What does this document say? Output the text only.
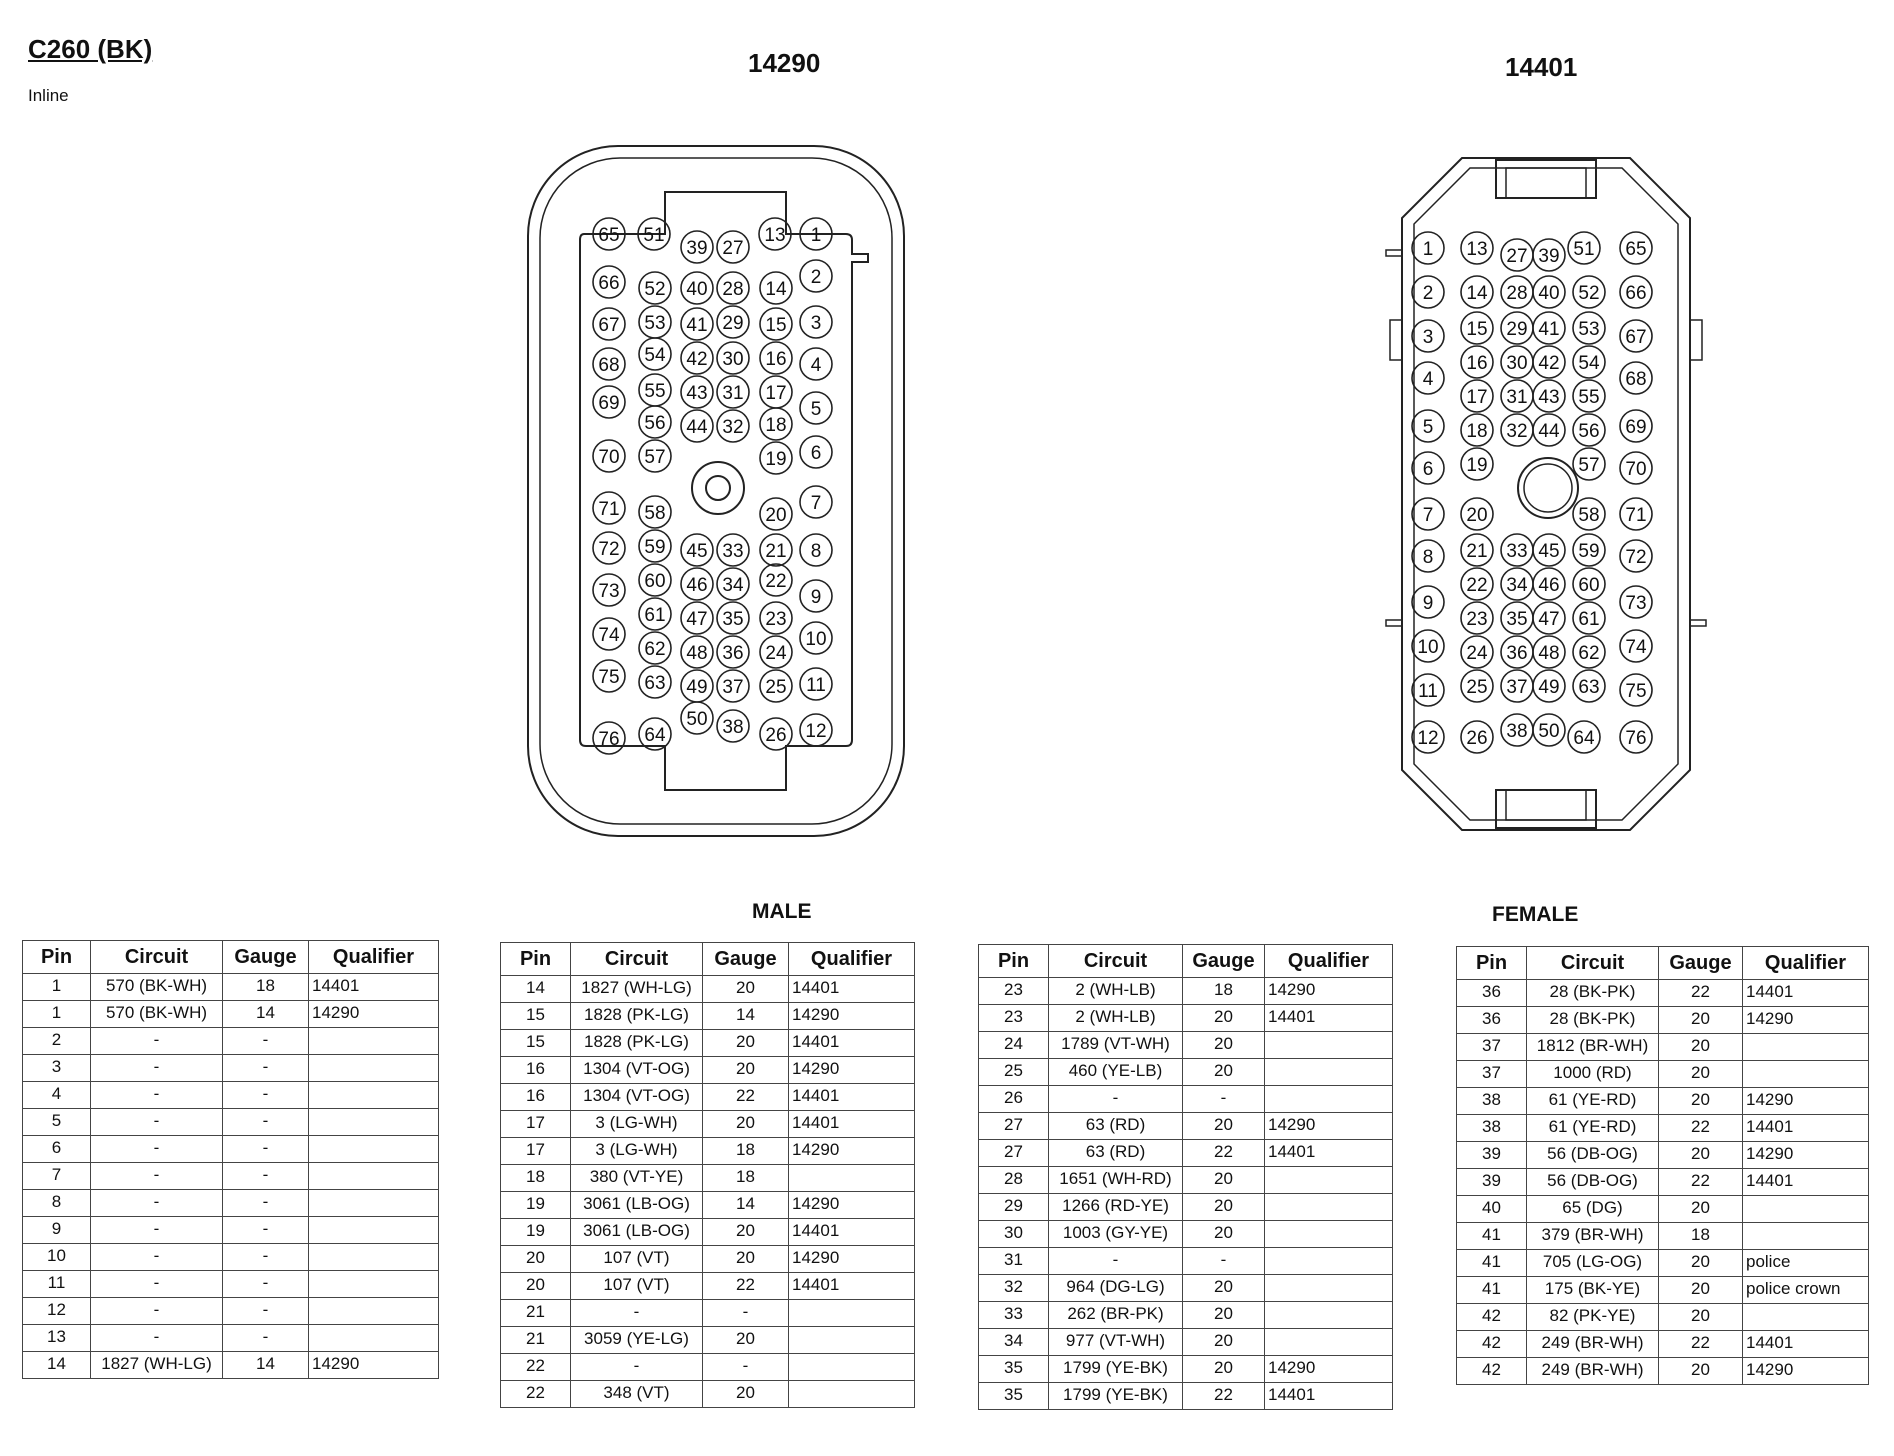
C260 (BK)
Inline
14290	14401
65 51
39 27
13 1
66 52 40 28 14
2
67 53 41 29 15 3
68 54 42 30 16 4
69
55 43 31 17
5
56 44 32 18
70 57	19 6
71 58	20
7
72 59 45 33 21 8
73 60 46 34 22
9
61 47 35 23
74
62 48 36 24
10
75 63 49 37 25 11
50
76 64	38 26 12
1 13 27 39 51 65
2 14 28 40 52 66
3 15 29 41 53 67
4
16 30 42 54
68
17 31 43 55
5 18 32 44 56 69
6 19	57 70
7 20	58 71
8 21 33 45 59 72
22 34 46 60
9
23 35 47 61
73
10 24 36 48 62 74
11 25 37 49 63 75
12 26 38 50 64 76
MALE	FEMALE
Pin	Circuit	Gauge	Qualifier
1	570 (BK-WH)	18	14401
1	570 (BK-WH)	14	14290
2	-	-	
3	-	-	
4	-	-	
5	-	-	
6	-	-	
7	-	-	
8	-	-	
9	-	-	
10	-	-	
11	-	-	
12	-	-	
13	-	-	
14	1827 (WH-LG)	14	14290
Pin	Circuit	Gauge	Qualifier
14	1827 (WH-LG)	20	14401
15	1828 (PK-LG)	14	14290
15	1828 (PK-LG)	20	14401
16	1304 (VT-OG)	20	14290
16	1304 (VT-OG)	22	14401
17	3 (LG-WH)	20	14401
17	3 (LG-WH)	18	14290
18	380 (VT-YE)	18	
19	3061 (LB-OG)	14	14290
19	3061 (LB-OG)	20	14401
20	107 (VT)	20	14290
20	107 (VT)	22	14401
21	-	-	
21	3059 (YE-LG)	20	
22	-	-	
22	348 (VT)	20	
Pin	Circuit	Gauge	Qualifier
23	2 (WH-LB)	18	14290
23	2 (WH-LB)	20	14401
24	1789 (VT-WH)	20	
25	460 (YE-LB)	20	
26	-	-	
27	63 (RD)	20	14290
27	63 (RD)	22	14401
28	1651 (WH-RD)	20	
29	1266 (RD-YE)	20	
30	1003 (GY-YE)	20	
31	-	-	
32	964 (DG-LG)	20	
33	262 (BR-PK)	20	
34	977 (VT-WH)	20	
35	1799 (YE-BK)	20	14290
35	1799 (YE-BK)	22	14401
Pin	Circuit	Gauge	Qualifier
36	28 (BK-PK)	22	14401
36	28 (BK-PK)	20	14290
37	1812 (BR-WH)	20	
37	1000 (RD)	20	
38	61 (YE-RD)	20	14290
38	61 (YE-RD)	22	14401
39	56 (DB-OG)	20	14290
39	56 (DB-OG)	22	14401
40	65 (DG)	20	
41	379 (BR-WH)	18	
41	705 (LG-OG)	20	police
41	175 (BK-YE)	20	police crown
42	82 (PK-YE)	20	
42	249 (BR-WH)	22	14401
42	249 (BR-WH)	20	14290
